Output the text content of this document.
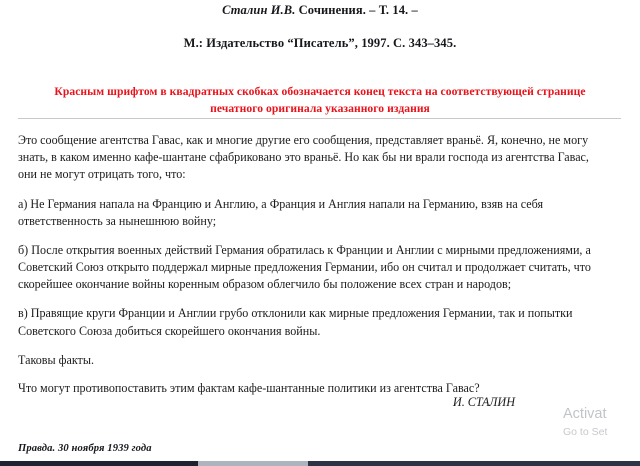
Сталин И.В. Сочинения. – Т. 14. –
М.: Издательство “Писатель”, 1997. С. 343–345.
Красным шрифтом в квадратных скобках обозначается конец текста на соответствующей странице печатного оригинала указанного издания

Это сообщение агентства Гавас, как и многие другие его сообщения, представляет враньё. Я, конечно, не могу знать, в каком именно кафе-шантане сфабриковано это враньё. Но как бы ни врали господа из агентства Гавас, они не могут отрицать того, что:

а) Не Германия напала на Францию и Англию, а Франция и Англия напали на Германию, взяв на себя ответственность за нынешнюю войну;

б) После открытия военных действий Германия обратилась к Франции и Англии с мирными предложениями, а Советский Союз открыто поддержал мирные предложения Германии, ибо он считал и продолжает считать, что скорейшее окончание войны коренным образом облегчило бы положение всех стран и народов;

в) Правящие круги Франции и Англии грубо отклонили как мирные предложения Германии, так и попытки Советского Союза добиться скорейшего окончания войны.

Таковы факты.

Что могут противопоставить этим фактам кафе-шантанные политики из агентства Гавас?

И. СТАЛИН
Правда. 30 ноября 1939 года
Activat
Go to Set
